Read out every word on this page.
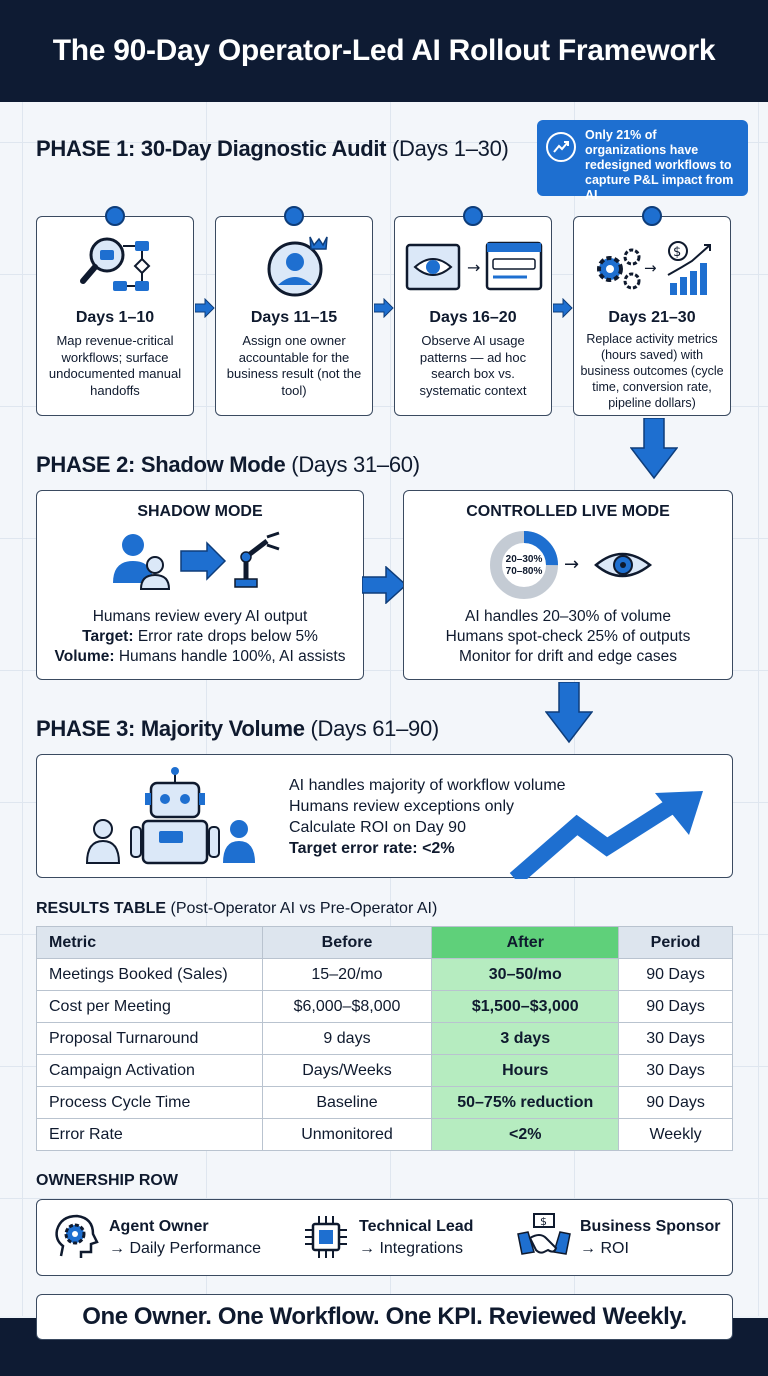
The 90-Day Operator-Led AI Rollout Framework
PHASE 1: 30-Day Diagnostic Audit (Days 1–30)
Only 21% of organizations have redesigned workflows to capture P&L impact from AI
Days 1–10
Map revenue-critical workflows; surface undocumented manual handoffs
Days 11–15
Assign one owner accountable for the business result (not the tool)
→
Days 16–20
Observe AI usage patterns — ad hoc search box vs. systematic context
→
$
Days 21–30
Replace activity metrics (hours saved) with business outcomes (cycle time, conversion rate, pipeline dollars)
PHASE 2: Shadow Mode (Days 31–60)
SHADOW MODE
Humans review every AI output
Target: Error rate drops below 5%
Volume: Humans handle 100%, AI assists
CONTROLLED LIVE MODE
20–30%
70–80% →
AI handles 20–30% of volume
Humans spot-check 25% of outputs
Monitor for drift and edge cases
PHASE 3: Majority Volume (Days 61–90)
AI handles majority of workflow volume
Humans review exceptions only
Calculate ROI on Day 90
Target error rate: <2%
RESULTS TABLE (Post-Operator AI vs Pre-Operator AI)
Metric	Before	After	Period
Meetings Booked (Sales)	15–20/mo	30–50/mo	90 Days
Cost per Meeting	$6,000–$8,000	$1,500–$3,000	90 Days
Proposal Turnaround	9 days	3 days	30 Days
Campaign Activation	Days/Weeks	Hours	30 Days
Process Cycle Time	Baseline	50–75% reduction	90 Days
Error Rate	Unmonitored	<2%	Weekly
OWNERSHIP ROW
Agent Owner
→ Daily Performance
Technical Lead
→ Integrations
$ Business Sponsor
→ ROI
One Owner. One Workflow. One KPI. Reviewed Weekly.
